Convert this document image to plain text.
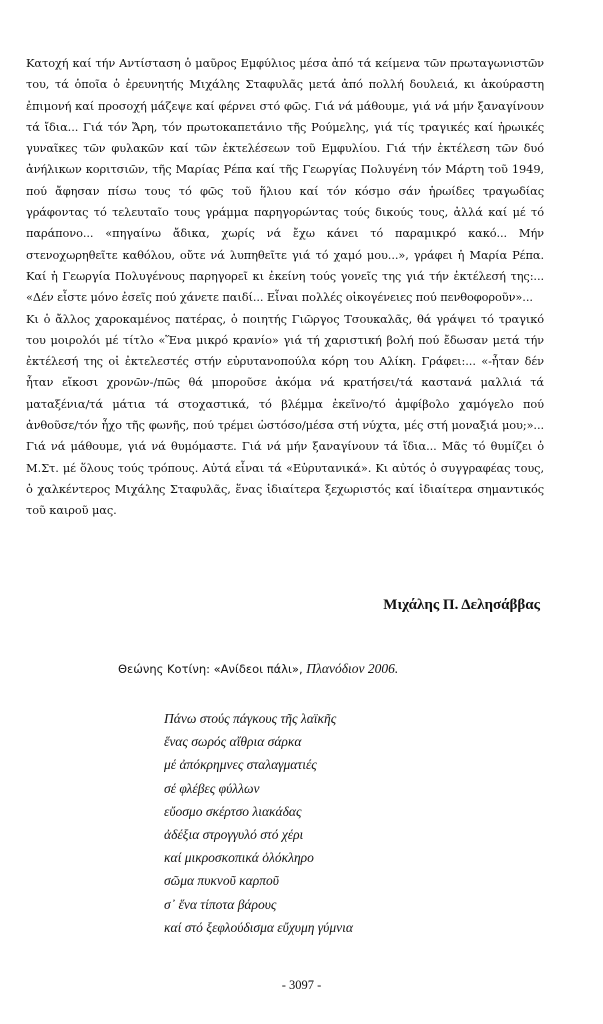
Κατοχή καί τήν Αντίσταση ὁ μαῦρος Εμφύλιος μέσα ἀπό τά κείμενα τῶν πρωταγωνιστῶν του, τά ὁποῖα ὁ ἐρευνητής Μιχάλης Σταφυλᾶς μετά ἀπό πολλή δουλειά, κι ἀκούραστη ἐπιμονή καί προσοχή μάζεψε καί φέρνει στό φῶς. Γιά νά μάθουμε, γιά νά μήν ξαναγίνουν τά ἴδια... Γιά τόν Ἄρη, τόν πρωτοκαπετάνιο τῆς Ρούμελης, γιά τίς τραγικές καί ἡρωικές γυναῖκες τῶν φυλακῶν καί τῶν ἐκτελέσεων τοῦ Εμφυλίου. Γιά τήν ἐκτέλεση τῶν δυό ἀνήλικων κοριτσιῶν, τῆς Μαρίας Ρέπα καί τῆς Γεωργίας Πολυγένη τόν Μάρτη τοῦ 1949, πού ἄφησαν πίσω τους τό φῶς τοῦ ἥλιου καί τόν κόσμο σάν ἡρωίδες τραγωδίας γράφοντας τό τελευταῖο τους γράμμα παρηγορώντας τούς δικούς τους, ἀλλά καί μέ τό παράπονο... «πηγαίνω ἄδικα, χωρίς νά ἔχω κάνει τό παραμικρό κακό... Μήν στενοχωρηθεῖτε καθόλου, οὔτε νά λυπηθεῖτε γιά τό χαμό μου...», γράφει ἡ Μαρία Ρέπα. Καί ἡ Γεωργία Πολυγένους παρηγορεῖ κι ἐκείνη τούς γονεῖς της γιά τήν ἐκτέλεσή της:... «Δέν εἶστε μόνο ἐσεῖς πού χάνετε παιδί... Εἶναι πολλές οἰκογένειες πού πενθοφοροῦν»...

Κι ὁ ἄλλος χαροκαμένος πατέρας, ὁ ποιητής Γιῶργος Τσουκαλᾶς, θά γράψει τό τραγικό του μοιρολόι μέ τίτλο «Ἕνα μικρό κρανίο» γιά τή χαριστική βολή πού ἔδωσαν μετά τήν ἐκτέλεσή της οἱ ἐκτελεστές στήν εὐρυτανοπούλα κόρη του Αλίκη. Γράφει:... «-ἦταν δέν ἦταν εἴκοσι χρονῶν-/πῶς θά μποροῦσε ἀκόμα νά κρατήσει/τά καστανά μαλλιά τά ματαξένια/τά μάτια τά στοχαστικά, τό βλέμμα ἐκεῖνο/τό ἀμφίβολο χαμόγελο πού ἀνθοῦσε/τόν ἦχο τῆς φωνῆς, πού τρέμει ὡστόσο/μέσα στή νύχτα, μές στή μοναξιά μου;»... Γιά νά μάθουμε, γιά νά θυμόμαστε. Γιά νά μήν ξαναγίνουν τά ἴδια... Μᾶς τό θυμίζει ὁ Μ.Στ. μέ ὅλους τούς τρόπους. Αὐτά εἶναι τά «Εὐρυτανικά». Κι αὐτός ὁ συγγραφέας τους, ὁ χαλκέντερος Μιχάλης Σταφυλᾶς, ἕνας ἰδιαίτερα ξεχωριστός καί ἰδιαίτερα σημαντικός τοῦ καιροῦ μας.

Μιχάλης Π. Δελησάββας
Θεώνης Κοτίνη: «Ανίδεοι πάλι», Πλανόδιον 2006.
Πάνω στούς πάγκους τῆς λαϊκῆς
ἕνας σωρός αἴθρια σάρκα
μέ ἀπόκρημνες σταλαγματιές
σέ φλέβες φύλλων
εὔοσμο σκέρτσο λιακάδας
ἀδέξια στρογγυλό στό χέρι
καί μικροσκοπικά ὁλόκληρο
σῶμα πυκνοῦ καρποῦ
σ᾽ ἕνα τίποτα βάρους
καί στό ξεφλούδισμα εὔχυμη γύμνια
- 3097 -
